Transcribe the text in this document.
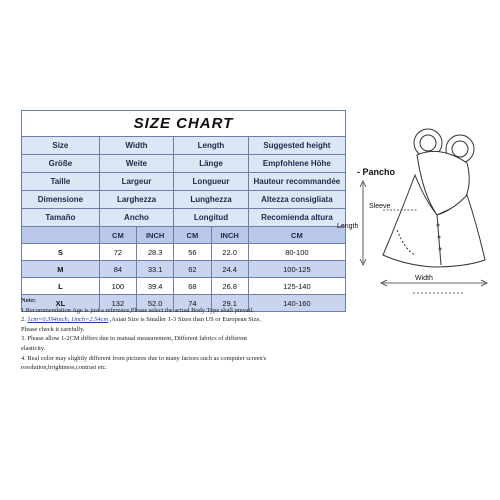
SIZE CHART					
Size	Width		Length		Suggested height
Größe	Weite		Länge		Empfohlene Höhe
Taille	Largeur		Longueur		Hauteur recommandée
Dimensione	Larghezza		Lunghezza		Altezza consigliata
Tamaño	Ancho		Longitud		Recomienda altura
	CM	INCH	CM	INCH	CM
S	72	28.3	56	22.0	80-100
M	84	33.1	62	24.4	100-125
L	100	39.4	68	26.8	125-140
XL	132	52.0	74	29.1	140-160
Note:
1.Recommendation Age is just a reference,Please select the actual Body Type shall prevail.
2. 1cm=0.394inch, 1inch=2.54cm ,Asian Size is Smaller 1-3 Sizes than US or European Size,
Please check it carefully.
3. Please allow 1-2CM differs due to manual measurement, Different fabrics of different
elasticity.
4. Real color may slightly different from pictures due to many factors such as computer screen's
resolution,brightness,contrast etc.
- Pancho
Sleeve
Length
Width
